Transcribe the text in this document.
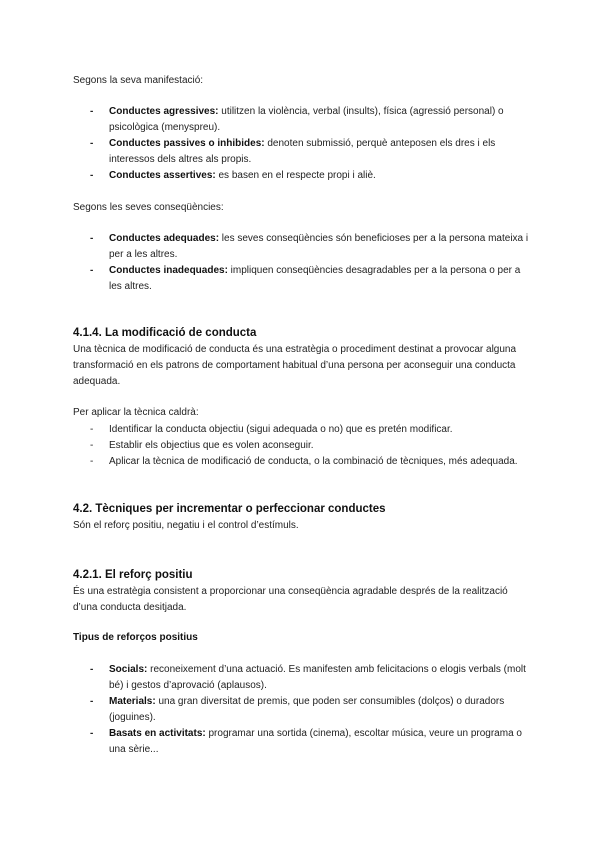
Segons la seva manifestació:

- Conductes agressives: utilitzen la violència, verbal (insults), física (agressió personal) o psicològica (menyspreu).
- Conductes passives o inhibides: denoten submissió, perquè anteposen els dres i els interessos dels altres als propis.
- Conductes assertives: es basen en el respecte propi i aliè.

Segons les seves conseqüències:

- Conductes adequades: les seves conseqüències són beneficioses per a la persona mateixa i per a les altres.
- Conductes inadequades: impliquen conseqüències desagradables per a la persona o per a les altres.
4.1.4. La modificació de conducta

Una tècnica de modificació de conducta és una estratègia o procediment destinat a provocar alguna transformació en els patrons de comportament habitual d’una persona per aconseguir una conducta adequada.

Per aplicar la tècnica caldrà:

- Identificar la conducta objectiu (sigui adequada o no) que es pretén modificar.
- Establir els objectius que es volen aconseguir.
- Aplicar la tècnica de modificació de conducta, o la combinació de tècniques, més adequada.
4.2. Tècniques per incrementar o perfeccionar conductes

Són el reforç positiu, negatiu i el control d’estímuls.

4.2.1. El reforç positiu

És una estratègia consistent a proporcionar una conseqüència agradable després de la realització d’una conducta desitjada.

Tipus de reforços positius

- Socials: reconeixement d’una actuació. Es manifesten amb felicitacions o elogis verbals (molt bé) i gestos d’aprovació (aplausos).
- Materials: una gran diversitat de premis, que poden ser consumibles (dolços) o duradors (joguines).
- Basats en activitats: programar una sortida (cinema), escoltar música, veure un programa o una sèrie...
